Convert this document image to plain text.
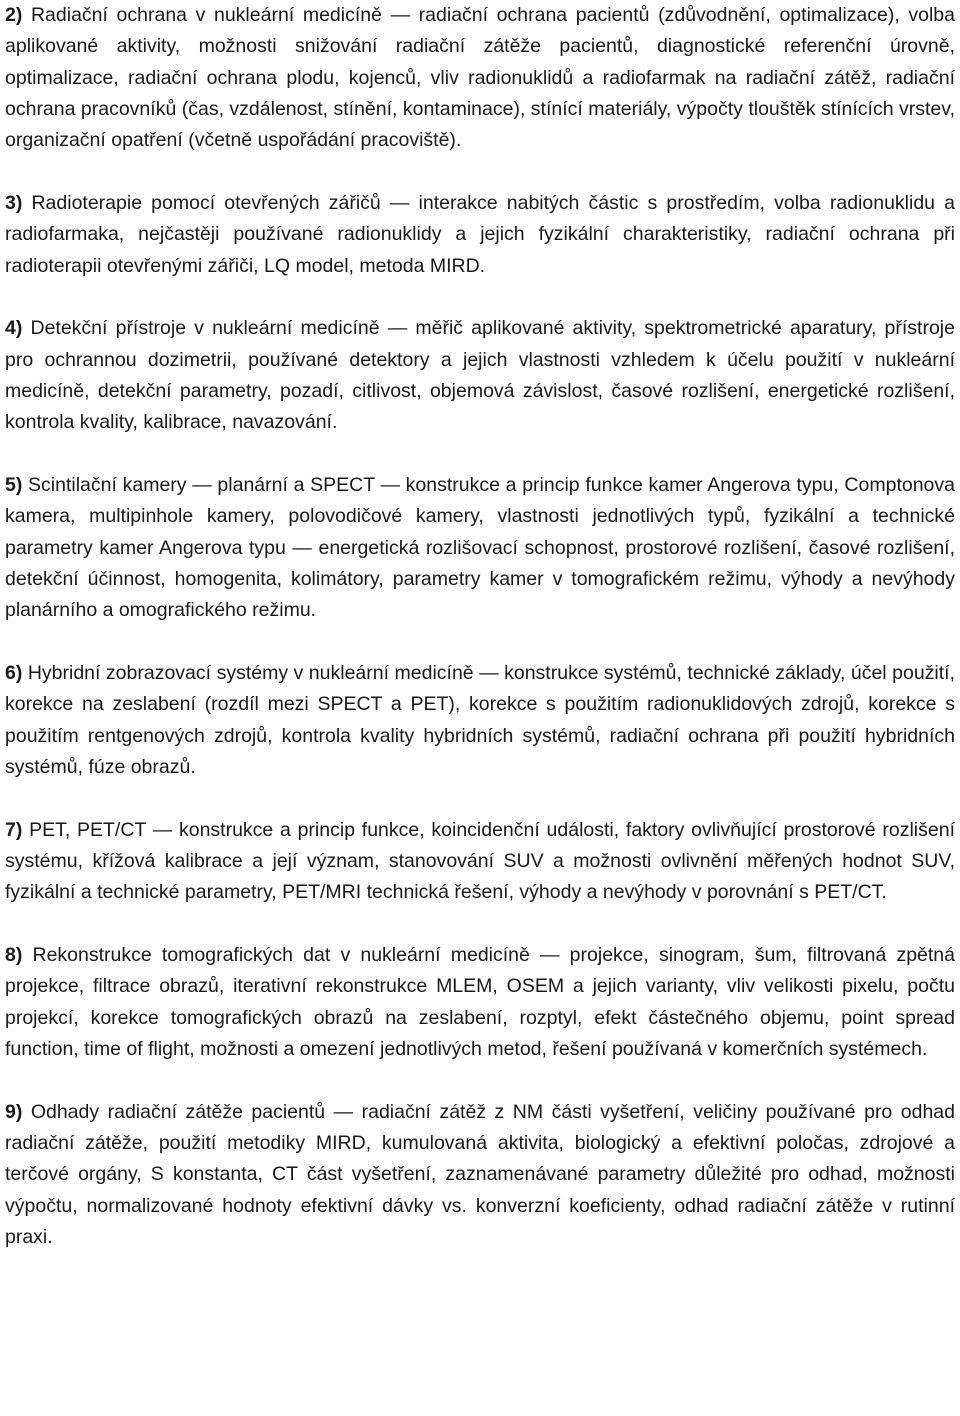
2) Radiační ochrana v nukleární medicíně — radiační ochrana pacientů (zdůvodnění, optimalizace), volba aplikované aktivity, možnosti snižování radiační zátěže pacientů, diagnostické referenční úrovně, optimalizace, radiační ochrana plodu, kojenců, vliv radionuklidů a radiofarmak na radiační zátěž, radiační ochrana pracovníků (čas, vzdálenost, stínění, kontaminace), stínící materiály, výpočty tlouštěk stínících vrstev, organizační opatření (včetně uspořádání pracoviště).

3) Radioterapie pomocí otevřených zářičů — interakce nabitých částic s prostředím, volba radionuklidu a radiofarmaka, nejčastěji používané radionuklidy a jejich fyzikální charakteristiky, radiační ochrana při radioterapii otevřenými zářiči, LQ model, metoda MIRD.

4) Detekční přístroje v nukleární medicíně — měřič aplikované aktivity, spektrometrické aparatury, přístroje pro ochrannou dozimetrii, používané detektory a jejich vlastnosti vzhledem k účelu použití v nukleární medicíně, detekční parametry, pozadí, citlivost, objemová závislost, časové rozlišení, energetické rozlišení, kontrola kvality, kalibrace, navazování.

5) Scintilační kamery — planární a SPECT — konstrukce a princip funkce kamer Angerova typu, Comptonova kamera, multipinhole kamery, polovodičové kamery, vlastnosti jednotlivých typů, fyzikální a technické parametry kamer Angerova typu — energetická rozlišovací schopnost, prostorové rozlišení, časové rozlišení, detekční účinnost, homogenita, kolimátory, parametry kamer v tomografickém režimu, výhody a nevýhody planárního a omografického režimu.

6) Hybridní zobrazovací systémy v nukleární medicíně — konstrukce systémů, technické základy, účel použití, korekce na zeslabení (rozdíl mezi SPECT a PET), korekce s použitím radionuklidových zdrojů, korekce s použitím rentgenových zdrojů, kontrola kvality hybridních systémů, radiační ochrana při použití hybridních systémů, fúze obrazů.

7) PET, PET/CT — konstrukce a princip funkce, koincidenční události, faktory ovlivňující prostorové rozlišení systému, křížová kalibrace a její význam, stanovování SUV a možnosti ovlivnění měřených hodnot SUV, fyzikální a technické parametry, PET/MRI technická řešení, výhody a nevýhody v porovnání s PET/CT.

8) Rekonstrukce tomografických dat v nukleární medicíně — projekce, sinogram, šum, filtrovaná zpětná projekce, filtrace obrazů, iterativní rekonstrukce MLEM, OSEM a jejich varianty, vliv velikosti pixelu, počtu projekcí, korekce tomografických obrazů na zeslabení, rozptyl, efekt částečného objemu, point spread function, time of flight, možnosti a omezení jednotlivých metod, řešení používaná v komerčních systémech.

9) Odhady radiační zátěže pacientů — radiační zátěž z NM části vyšetření, veličiny používané pro odhad radiační zátěže, použití metodiky MIRD, kumulovaná aktivita, biologický a efektivní poločas, zdrojové a terčové orgány, S konstanta, CT část vyšetření, zaznamenávané parametry důležité pro odhad, možnosti výpočtu, normalizované hodnoty efektivní dávky vs. konverzní koeficienty, odhad radiační zátěže v rutinní praxi.
